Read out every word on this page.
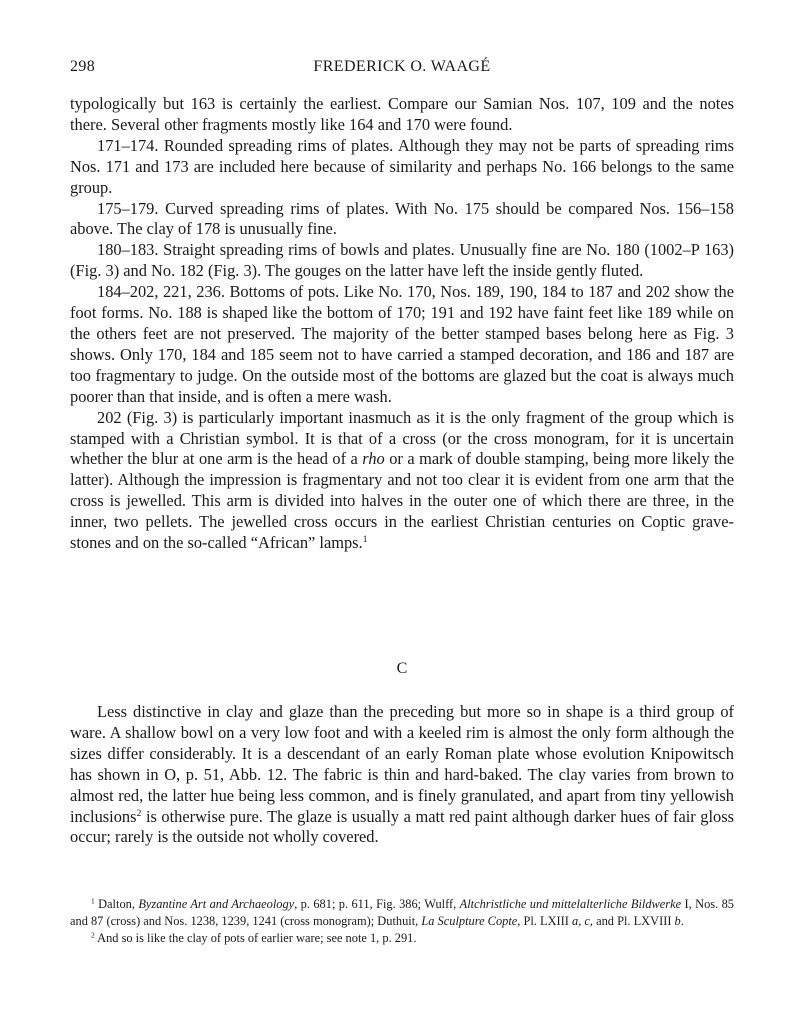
298	FREDERICK O. WAAGÉ

typologically but 163 is certainly the earliest. Compare our Samian Nos. 107, 109 and the notes there. Several other fragments mostly like 164 and 170 were found.

171–174. Rounded spreading rims of plates. Although they may not be parts of spreading rims Nos. 171 and 173 are included here because of similarity and perhaps No. 166 belongs to the same group.

175–179. Curved spreading rims of plates. With No. 175 should be compared Nos. 156–158 above. The clay of 178 is unusually fine.

180–183. Straight spreading rims of bowls and plates. Unusually fine are No. 180 (1002–P 163) (Fig. 3) and No. 182 (Fig. 3). The gouges on the latter have left the inside gently fluted.

184–202, 221, 236. Bottoms of pots. Like No. 170, Nos. 189, 190, 184 to 187 and 202 show the foot forms. No. 188 is shaped like the bottom of 170; 191 and 192 have faint feet like 189 while on the others feet are not preserved. The majority of the better stamped bases belong here as Fig. 3 shows. Only 170, 184 and 185 seem not to have carried a stamped decoration, and 186 and 187 are too fragmentary to judge. On the outside most of the bottoms are glazed but the coat is always much poorer than that inside, and is often a mere wash.

202 (Fig. 3) is particularly important inasmuch as it is the only fragment of the group which is stamped with a Christian symbol. It is that of a cross (or the cross monogram, for it is uncertain whether the blur at one arm is the head of a rho or a mark of double stamping, being more likely the latter). Although the impression is fragmentary and not too clear it is evident from one arm that the cross is jewelled. This arm is divided into halves in the outer one of which there are three, in the inner, two pellets. The jewelled cross occurs in the earliest Christian centuries on Coptic grave-stones and on the so-called “African” lamps.$^1$

C

Less distinctive in clay and glaze than the preceding but more so in shape is a third group of ware. A shallow bowl on a very low foot and with a keeled rim is almost the only form although the sizes differ considerably. It is a descendant of an early Roman plate whose evolution Knipowitsch has shown in O, p. 51, Abb. 12. The fabric is thin and hard-baked. The clay varies from brown to almost red, the latter hue being less common, and is finely granulated, and apart from tiny yellowish inclusions$^2$ is otherwise pure. The glaze is usually a matt red paint although darker hues of fair gloss occur; rarely is the outside not wholly covered.

$^1$ Dalton, Byzantine Art and Archaeology, p. 681; p. 611, Fig. 386; Wulff, Altchristliche und mittelalterliche Bildwerke I, Nos. 85 and 87 (cross) and Nos. 1238, 1239, 1241 (cross monogram); Duthuit, La Sculpture Copte, Pl. LXIII a, c, and Pl. LXVIII b.

$^2$ And so is like the clay of pots of earlier ware; see note 1, p. 291.
